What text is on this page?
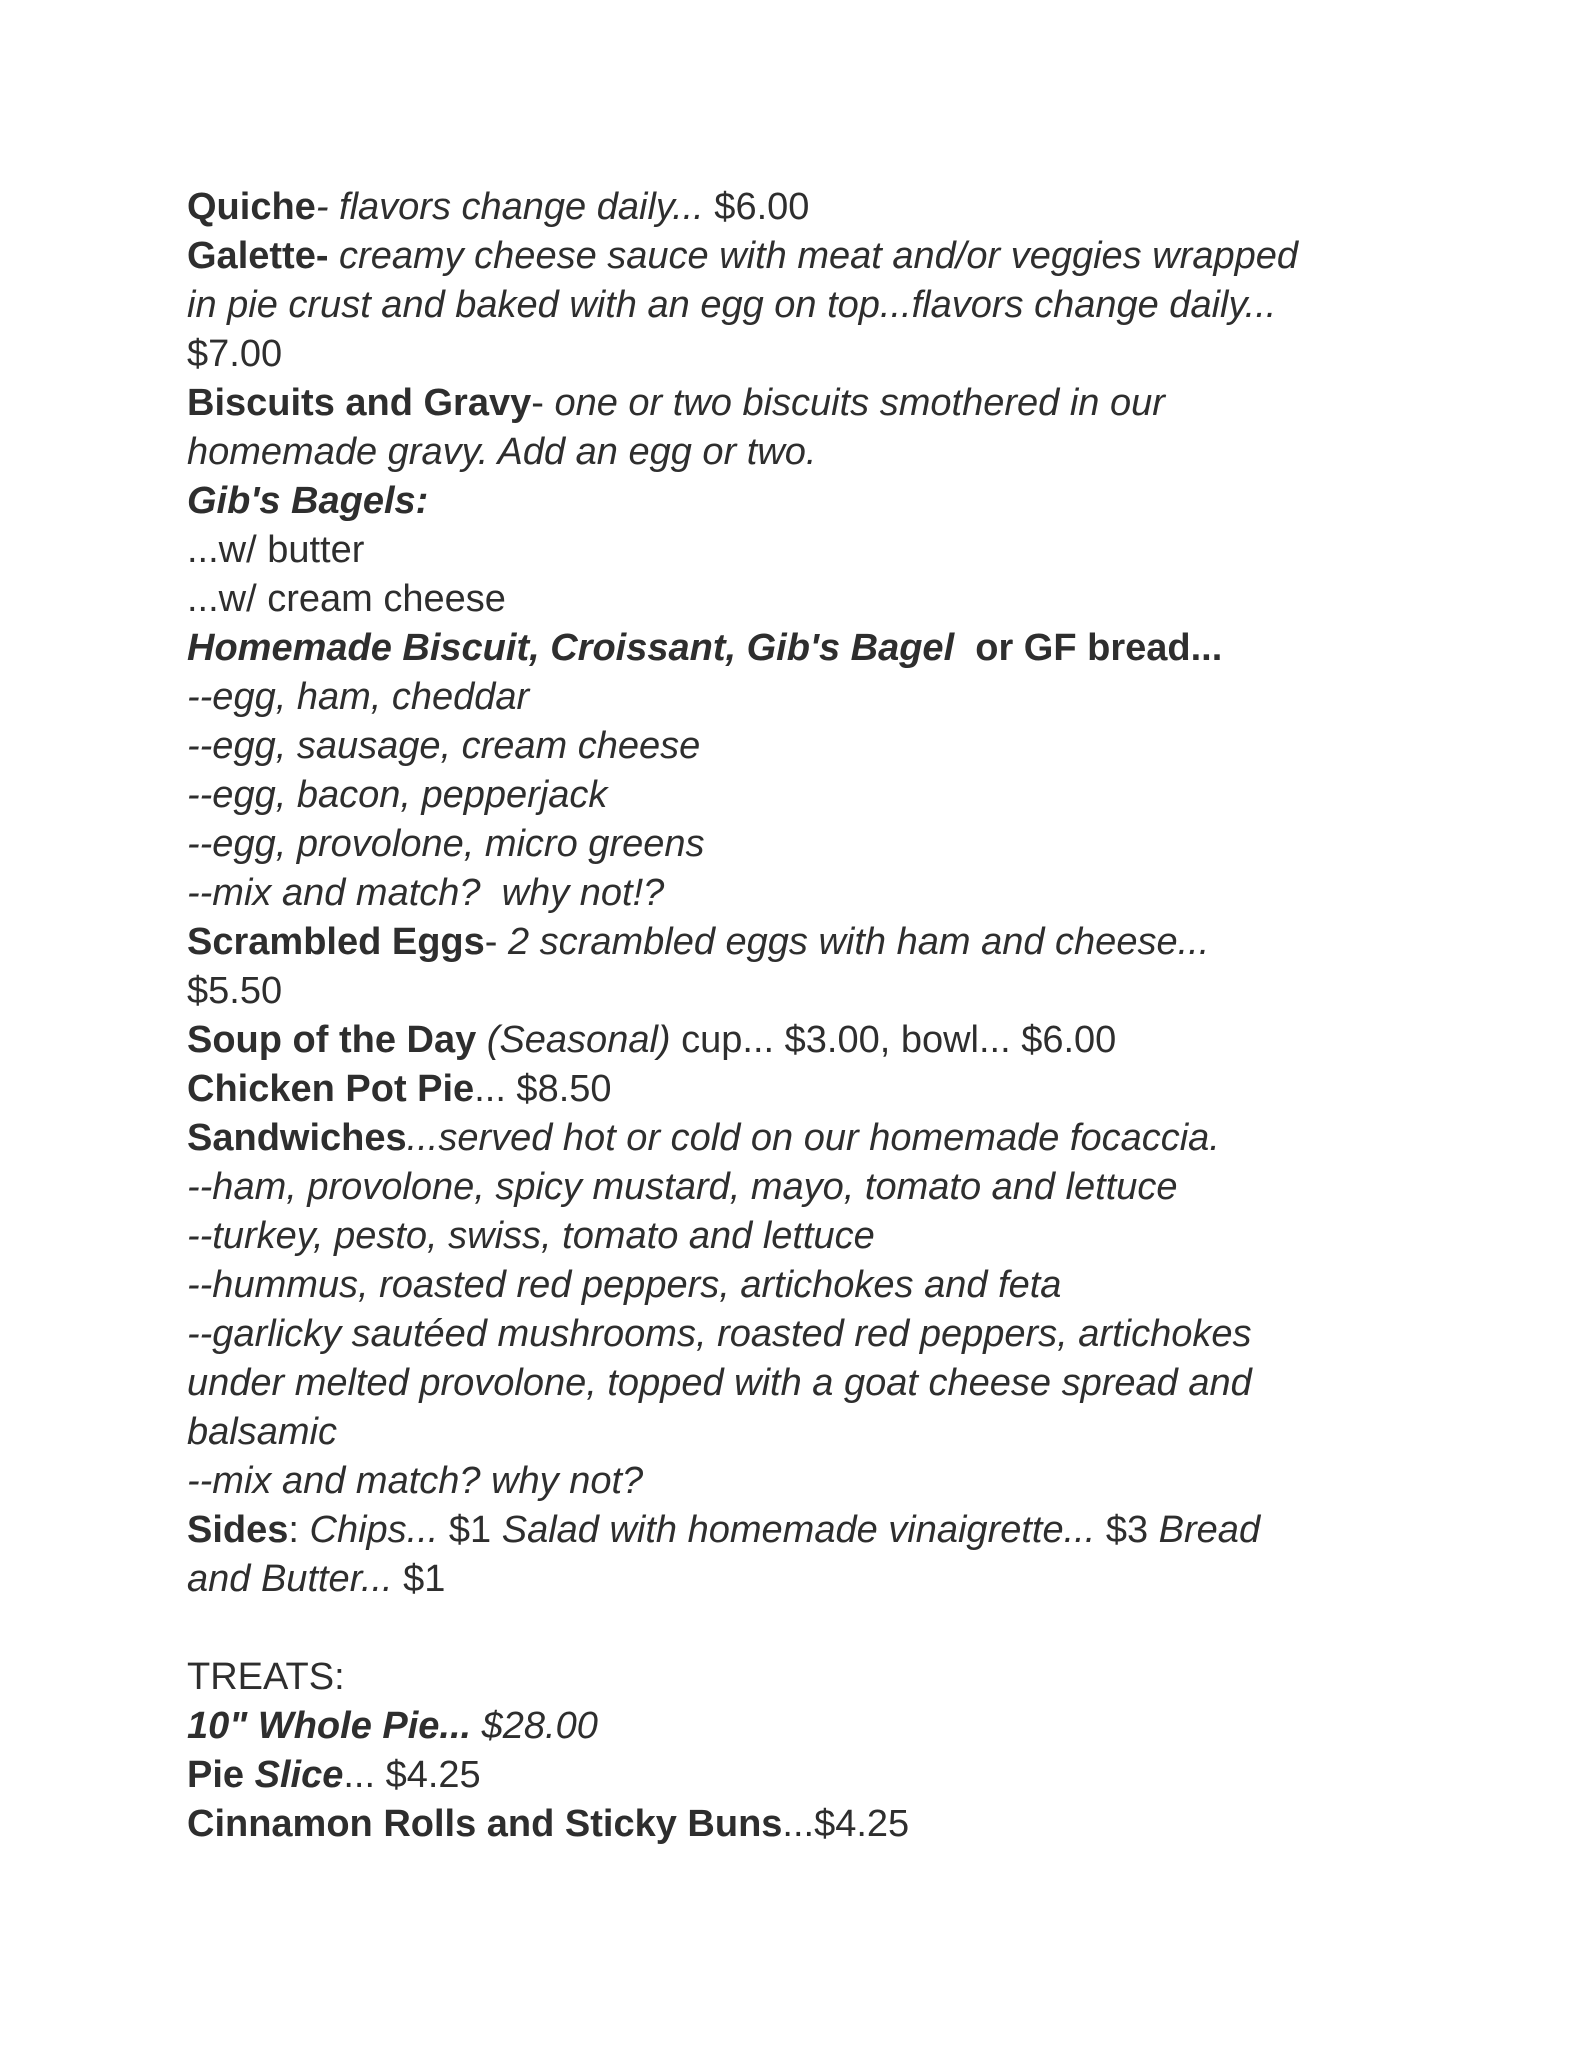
Quiche- flavors change daily... $6.00
Galette- creamy cheese sauce with meat and/or veggies wrapped
in pie crust and baked with an egg on top...flavors change daily...
$7.00
Biscuits and Gravy- one or two biscuits smothered in our
homemade gravy. Add an egg or two.
Gib's Bagels:
...w/ butter
...w/ cream cheese
Homemade Biscuit, Croissant, Gib's Bagel  or GF bread...
--egg, ham, cheddar
--egg, sausage, cream cheese
--egg, bacon, pepperjack
--egg, provolone, micro greens
--mix and match?  why not!?
Scrambled Eggs- 2 scrambled eggs with ham and cheese...
$5.50
Soup of the Day (Seasonal) cup... $3.00, bowl... $6.00
Chicken Pot Pie... $8.50
Sandwiches...served hot or cold on our homemade focaccia.
--ham, provolone, spicy mustard, mayo, tomato and lettuce
--turkey, pesto, swiss, tomato and lettuce
--hummus, roasted red peppers, artichokes and feta
--garlicky sautéed mushrooms, roasted red peppers, artichokes
under melted provolone, topped with a goat cheese spread and
balsamic
--mix and match? why not?
Sides: Chips... $1 Salad with homemade vinaigrette... $3 Bread
and Butter... $1
TREATS:
10" Whole Pie... $28.00
Pie Slice... $4.25
Cinnamon Rolls and Sticky Buns...$4.25
